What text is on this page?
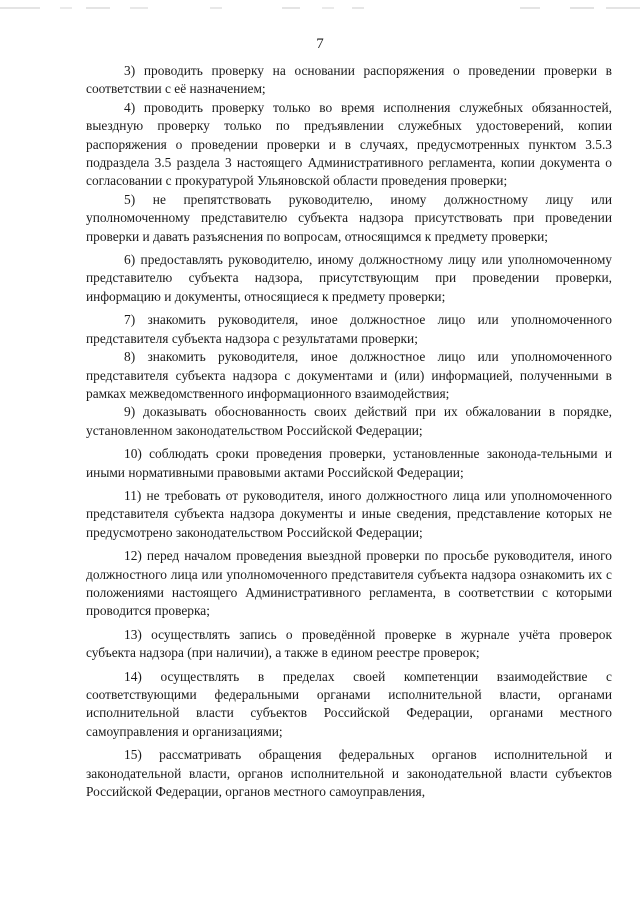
7

3) проводить проверку на основании распоряжения о проведении проверки в соответствии с её назначением;

4) проводить проверку только во время исполнения служебных обязанностей, выездную проверку только по предъявлении служебных удостоверений, копии распоряжения о проведении проверки и в случаях, предусмотренных пунктом 3.5.3 подраздела 3.5 раздела 3 настоящего Административного регламента, копии документа о согласовании с прокуратурой Ульяновской области проведения проверки;

5) не препятствовать руководителю, иному должностному лицу или уполномоченному представителю субъекта надзора присутствовать при проведении проверки и давать разъяснения по вопросам, относящимся к предмету проверки;

6) предоставлять руководителю, иному должностному лицу или уполномоченному представителю субъекта надзора, присутствующим при проведении проверки, информацию и документы, относящиеся к предмету проверки;

7) знакомить руководителя, иное должностное лицо или уполномоченного представителя субъекта надзора с результатами проверки;

8) знакомить руководителя, иное должностное лицо или уполномоченного представителя субъекта надзора с документами и (или) информацией, полученными в рамках межведомственного информационного взаимодействия;

9) доказывать обоснованность своих действий при их обжаловании в порядке, установленном законодательством Российской Федерации;

10) соблюдать сроки проведения проверки, установленные законода-тельными и иными нормативными правовыми актами Российской Федерации;

11) не требовать от руководителя, иного должностного лица или уполномоченного представителя субъекта надзора документы и иные сведения, представление которых не предусмотрено законодательством Российской Федерации;

12) перед началом проведения выездной проверки по просьбе руководителя, иного должностного лица или уполномоченного представителя субъекта надзора ознакомить их с положениями настоящего Административного регламента, в соответствии с которыми проводится проверка;

13) осуществлять запись о проведённой проверке в журнале учёта проверок субъекта надзора (при наличии), а также в едином реестре проверок;

14) осуществлять в пределах своей компетенции взаимодействие с соответствующими федеральными органами исполнительной власти, органами исполнительной власти субъектов Российской Федерации, органами местного самоуправления и организациями;

15) рассматривать обращения федеральных органов исполнительной и законодательной власти, органов исполнительной и законодательной власти субъектов Российской Федерации, органов местного самоуправления,
